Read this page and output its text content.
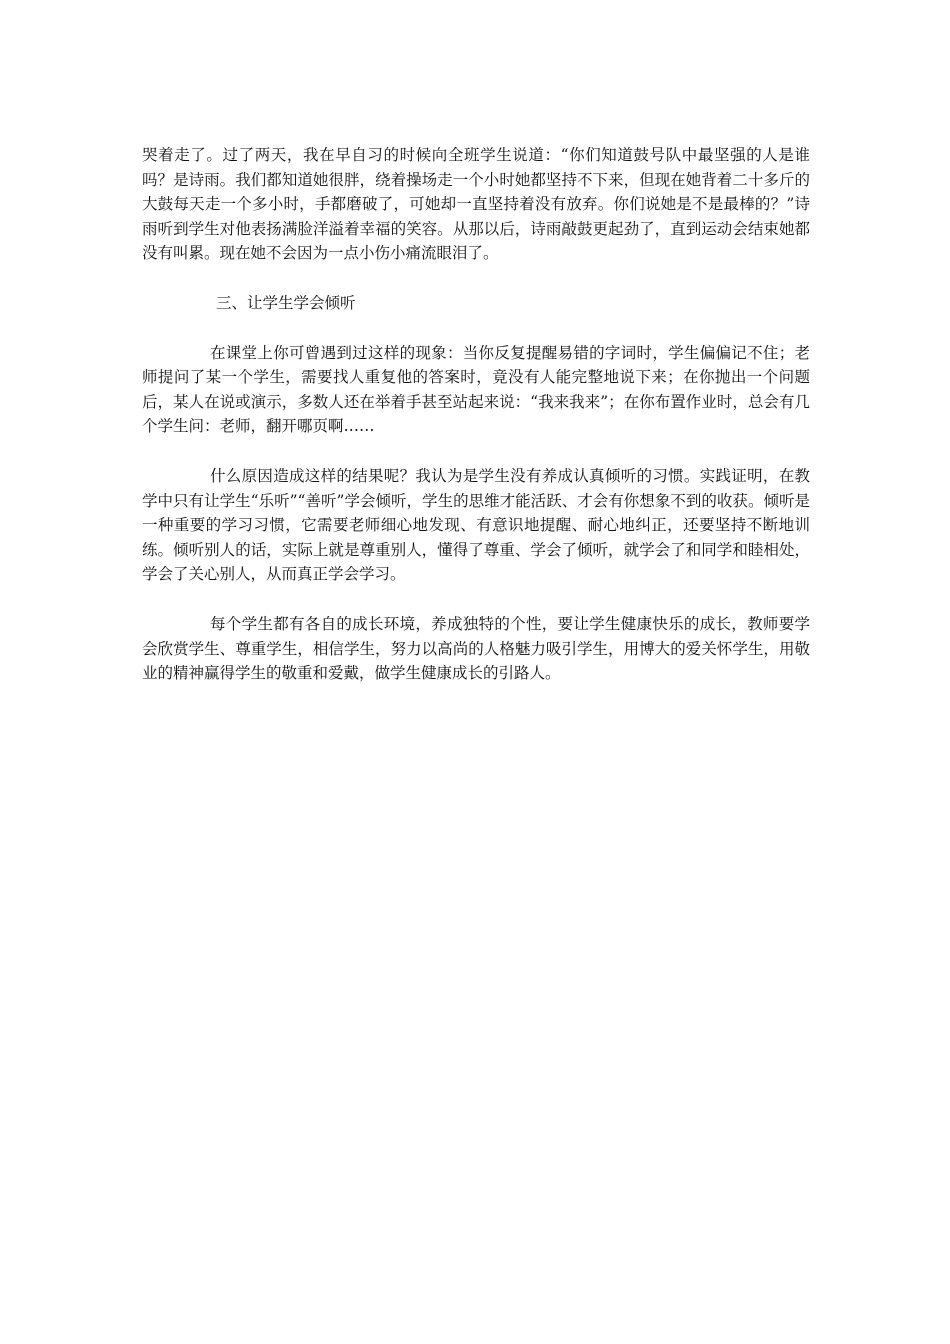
哭着走了。过了两天，我在早自习的时候向全班学生说道：“你们知道鼓号队中最坚强的人是谁吗？是诗雨。我们都知道她很胖，绕着操场走一个小时她都坚持不下来，但现在她背着二十多斤的大鼓每天走一个多小时，手都磨破了，可她却一直坚持着没有放弃。你们说她是不是最棒的？”诗雨听到学生对他表扬满脸洋溢着幸福的笑容。从那以后，诗雨敲鼓更起劲了，直到运动会结束她都没有叫累。现在她不会因为一点小伤小痛流眼泪了。

三、让学生学会倾听

在课堂上你可曾遇到过这样的现象：当你反复提醒易错的字词时，学生偏偏记不住；老师提问了某一个学生，需要找人重复他的答案时，竟没有人能完整地说下来；在你抛出一个问题后，某人在说或演示，多数人还在举着手甚至站起来说：“我来我来”；在你布置作业时，总会有几个学生问：老师，翻开哪页啊……

什么原因造成这样的结果呢？我认为是学生没有养成认真倾听的习惯。实践证明，在教学中只有让学生“乐听”“善听”学会倾听，学生的思维才能活跃、才会有你想象不到的收获。倾听是一种重要的学习习惯，它需要老师细心地发现、有意识地提醒、耐心地纠正，还要坚持不断地训练。倾听别人的话，实际上就是尊重别人，懂得了尊重、学会了倾听，就学会了和同学和睦相处，学会了关心别人，从而真正学会学习。

每个学生都有各自的成长环境，养成独特的个性，要让学生健康快乐的成长，教师要学会欣赏学生、尊重学生，相信学生，努力以高尚的人格魅力吸引学生，用博大的爱关怀学生，用敬业的精神赢得学生的敬重和爱戴，做学生健康成长的引路人。
